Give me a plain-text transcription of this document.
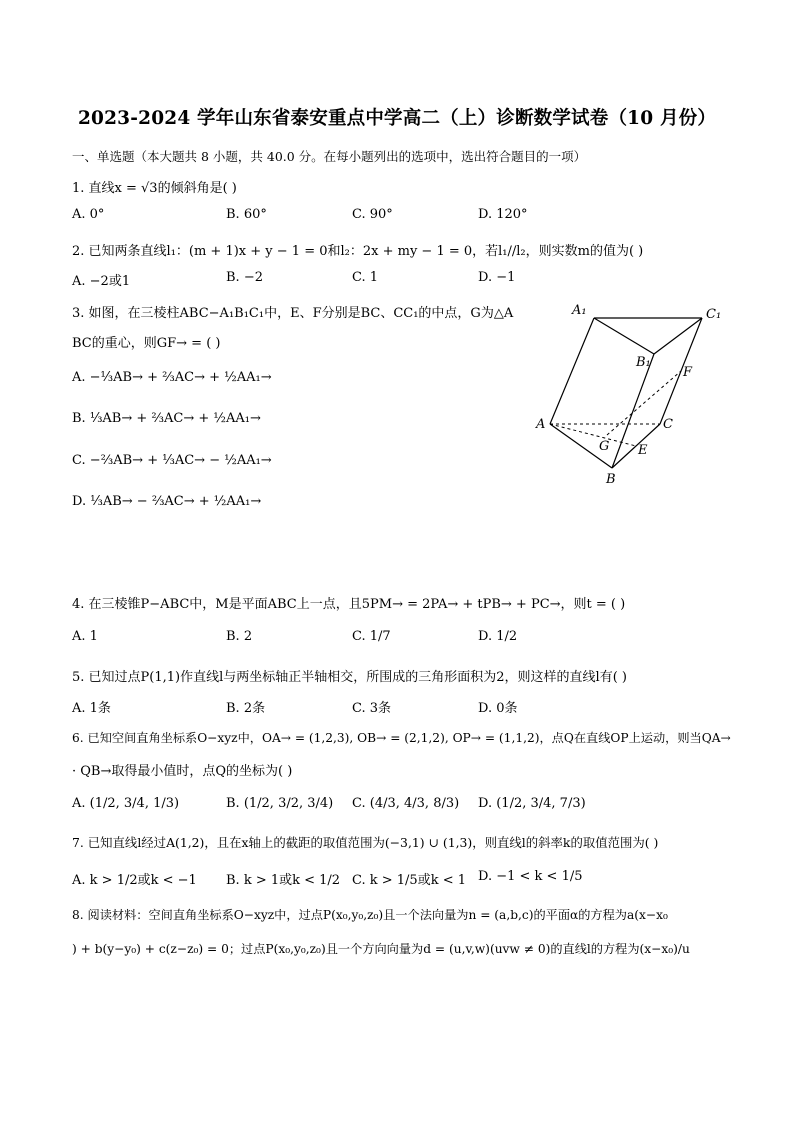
2023-2024 学年山东省泰安重点中学高二（上）诊断数学试卷（10 月份）
一、单选题（本大题共 8 小题，共 40.0 分。在每小题列出的选项中，选出符合题目的一项）
1. 直线x = √3的倾斜角是( )
A. 0°	B. 60°	C. 90°	D. 120°
2. 已知两条直线l₁：(m + 1)x + y − 1 = 0和l₂：2x + my − 1 = 0，若l₁//l₂，则实数m的值为( )
A. −2或1	B. −2	C. 1	D. −1
3. 如图，在三棱柱ABC−A₁B₁C₁中，E、F分别是BC、CC₁的中点，G为△A
BC的重心，则GF→ = ( )
A. −⅓AB→ + ⅔AC→ + ½AA₁→
B. ⅓AB→ + ⅔AC→ + ½AA₁→
C. −⅔AB→ + ⅓AC→ − ½AA₁→
D. ⅓AB→ − ⅔AC→ + ½AA₁→
A₁	C₁
B₁
F
A	C
G E
B
4. 在三棱锥P−ABC中，M是平面ABC上一点，且5PM→ = 2PA→ + tPB→ + PC→，则t = ( )
A. 1	B. 2	C. 1/7	D. 1/2
5. 已知过点P(1,1)作直线l与两坐标轴正半轴相交，所围成的三角形面积为2，则这样的直线l有( )
A. 1条	B. 2条	C. 3条	D. 0条
6. 已知空间直角坐标系O−xyz中，OA→ = (1,2,3), OB→ = (2,1,2), OP→ = (1,1,2)，点Q在直线OP上运动，则当QA→
· QB→取得最小值时，点Q的坐标为( )
A. (1/2, 3/4, 1/3)	B. (1/2, 3/2, 3/4) C. (4/3, 4/3, 8/3) D. (1/2, 3/4, 7/3)
7. 已知直线l经过A(1,2)，且在x轴上的截距的取值范围为(−3,1) ∪ (1,3)，则直线l的斜率k的取值范围为( )
A. k > 1/2或k < −1 B. k > 1或k < 1/2 C. k > 1/5或k < 1 D. −1 < k < 1/5
8. 阅读材料：空间直角坐标系O−xyz中，过点P(x₀,y₀,z₀)且一个法向量为n = (a,b,c)的平面α的方程为a(x−x₀
) + b(y−y₀) + c(z−z₀) = 0；过点P(x₀,y₀,z₀)且一个方向向量为d = (u,v,w)(uvw ≠ 0)的直线l的方程为(x−x₀)/u
